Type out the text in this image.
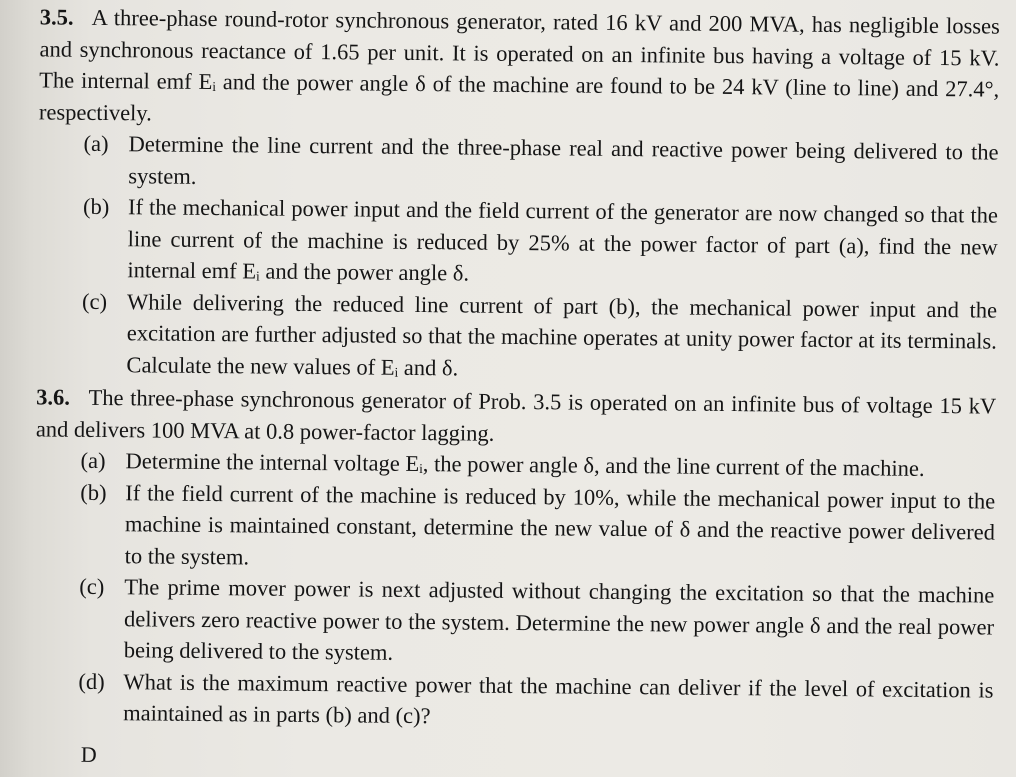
3.5. A three-phase round-rotor synchronous generator, rated 16 kV and 200 MVA, has negligible losses and synchronous reactance of 1.65 per unit. It is operated on an infinite bus having a voltage of 15 kV. The internal emf Eᵢ and the power angle δ of the machine are found to be 24 kV (line to line) and 27.4°, respectively.
(a) Determine the line current and the three-phase real and reactive power being delivered to the system.
(b) If the mechanical power input and the field current of the generator are now changed so that the line current of the machine is reduced by 25% at the power factor of part (a), find the new internal emf Eᵢ and the power angle δ.
(c) While delivering the reduced line current of part (b), the mechanical power input and the excitation are further adjusted so that the machine operates at unity power factor at its terminals. Calculate the new values of Eᵢ and δ.
3.6. The three-phase synchronous generator of Prob. 3.5 is operated on an infinite bus of voltage 15 kV and delivers 100 MVA at 0.8 power-factor lagging.
(a) Determine the internal voltage Eᵢ, the power angle δ, and the line current of the machine.
(b) If the field current of the machine is reduced by 10%, while the mechanical power input to the machine is maintained constant, determine the new value of δ and the reactive power delivered to the system.
(c) The prime mover power is next adjusted without changing the excitation so that the machine delivers zero reactive power to the system. Determine the new power angle δ and the real power being delivered to the system.
(d) What is the maximum reactive power that the machine can deliver if the level of excitation is maintained as in parts (b) and (c)?
D
